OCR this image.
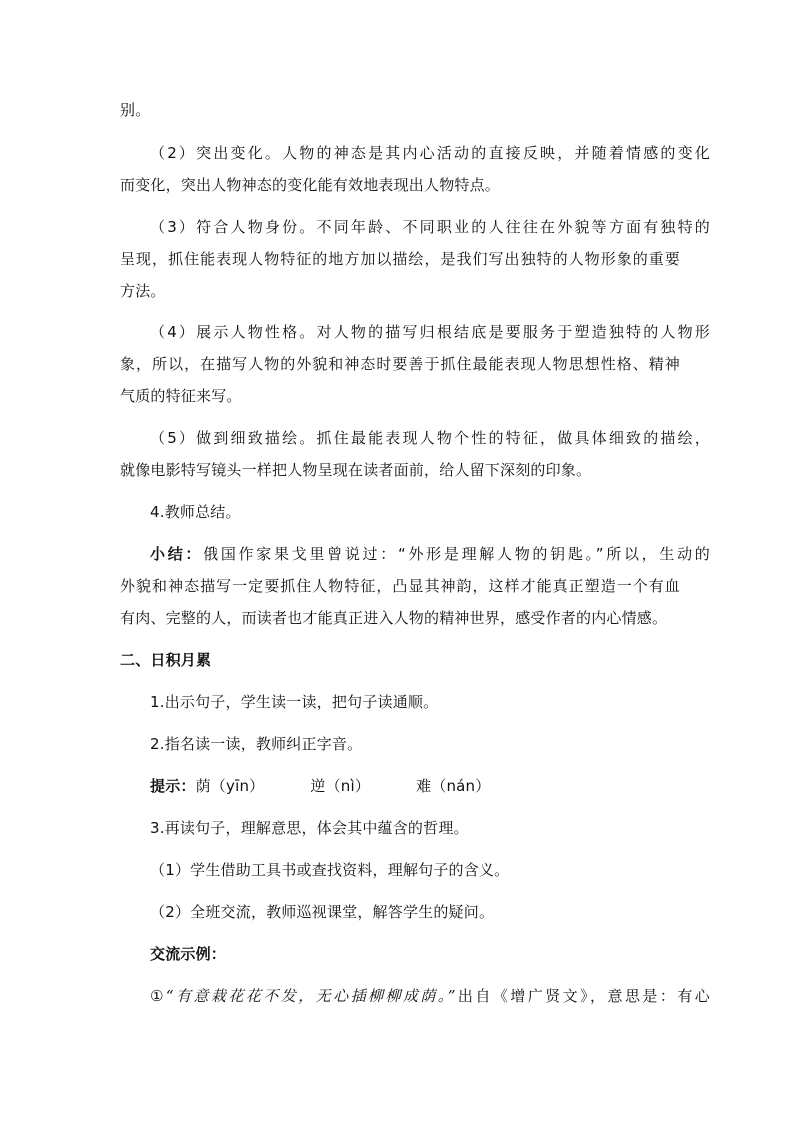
别。
（2）突出变化。人物的神态是其内心活动的直接反映，并随着情感的变化
而变化，突出人物神态的变化能有效地表现出人物特点。
（3）符合人物身份。不同年龄、不同职业的人往往在外貌等方面有独特的
呈现，抓住能表现人物特征的地方加以描绘，是我们写出独特的人物形象的重要
方法。
（4）展示人物性格。对人物的描写归根结底是要服务于塑造独特的人物形
象，所以，在描写人物的外貌和神态时要善于抓住最能表现人物思想性格、精神
气质的特征来写。
（5）做到细致描绘。抓住最能表现人物个性的特征，做具体细致的描绘，
就像电影特写镜头一样把人物呈现在读者面前，给人留下深刻的印象。
4.教师总结。
小结：俄国作家果戈里曾说过：“外形是理解人物的钥匙。”所以，生动的
外貌和神态描写一定要抓住人物特征，凸显其神韵，这样才能真正塑造一个有血
有肉、完整的人，而读者也才能真正进入人物的精神世界，感受作者的内心情感。
二、日积月累
1.出示句子，学生读一读，把句子读通顺。
2.指名读一读，教师纠正字音。
提示：荫（yīn）	逆（nì）	难（nán）
3.再读句子，理解意思，体会其中蕴含的哲理。
（1）学生借助工具书或查找资料，理解句子的含义。
（2）全班交流，教师巡视课堂，解答学生的疑问。
交流示例：
①“有意栽花花不发，无心插柳柳成荫。”出自《增广贤文》，意思是：有心
